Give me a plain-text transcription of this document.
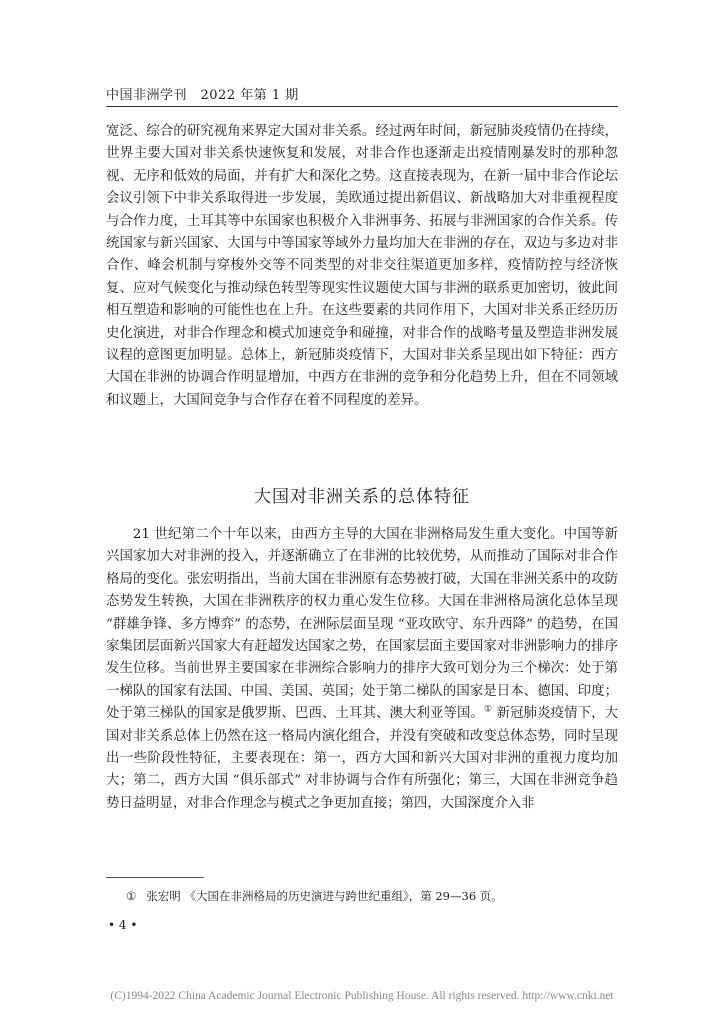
中国非洲学刊　2022 年第 1 期

宽泛、综合的研究视角来界定大国对非关系。经过两年时间，新冠肺炎疫情仍在持续，世界主要大国对非关系快速恢复和发展，对非合作也逐渐走出疫情刚暴发时的那种忽视、无序和低效的局面，并有扩大和深化之势。这直接表现为，在新一届中非合作论坛会议引领下中非关系取得进一步发展，美欧通过提出新倡议、新战略加大对非重视程度与合作力度，土耳其等中东国家也积极介入非洲事务、拓展与非洲国家的合作关系。传统国家与新兴国家、大国与中等国家等域外力量均加大在非洲的存在，双边与多边对非合作、峰会机制与穿梭外交等不同类型的对非交往渠道更加多样，疫情防控与经济恢复、应对气候变化与推动绿色转型等现实性议题使大国与非洲的联系更加密切，彼此间相互塑造和影响的可能性也在上升。在这些要素的共同作用下，大国对非关系正经历历史化演进，对非合作理念和模式加速竞争和碰撞，对非合作的战略考量及塑造非洲发展议程的意图更加明显。总体上，新冠肺炎疫情下，大国对非关系呈现出如下特征：西方大国在非洲的协调合作明显增加，中西方在非洲的竞争和分化趋势上升，但在不同领域和议题上，大国间竞争与合作存在着不同程度的差异。

大国对非洲关系的总体特征

21 世纪第二个十年以来，由西方主导的大国在非洲格局发生重大变化。中国等新兴国家加大对非洲的投入，并逐渐确立了在非洲的比较优势，从而推动了国际对非合作格局的变化。张宏明指出，当前大国在非洲原有态势被打破，大国在非洲关系中的攻防态势发生转换，大国在非洲秩序的权力重心发生位移。大国在非洲格局演化总体呈现 “群雄争锋、多方博弈” 的态势，在洲际层面呈现 “亚攻欧守、东升西降” 的趋势，在国家集团层面新兴国家大有赶超发达国家之势，在国家层面主要国家对非洲影响力的排序发生位移。当前世界主要国家在非洲综合影响力的排序大致可划分为三个梯次：处于第一梯队的国家有法国、中国、美国、英国；处于第二梯队的国家是日本、德国、印度；处于第三梯队的国家是俄罗斯、巴西、土耳其、澳大利亚等国。① 新冠肺炎疫情下，大国对非关系总体上仍然在这一格局内演化组合，并没有突破和改变总体态势，同时呈现出一些阶段性特征，主要表现在：第一，西方大国和新兴大国对非洲的重视力度均加大；第二，西方大国 “俱乐部式” 对非协调与合作有所强化；第三，大国在非洲竞争趋势日益明显，对非合作理念与模式之争更加直接；第四，大国深度介入非

① 张宏明 《大国在非洲格局的历史演进与跨世纪重组》，第 29—36 页。
• 4 •
(C)1994-2022 China Academic Journal Electronic Publishing House. All rights reserved. http://www.cnki.net
